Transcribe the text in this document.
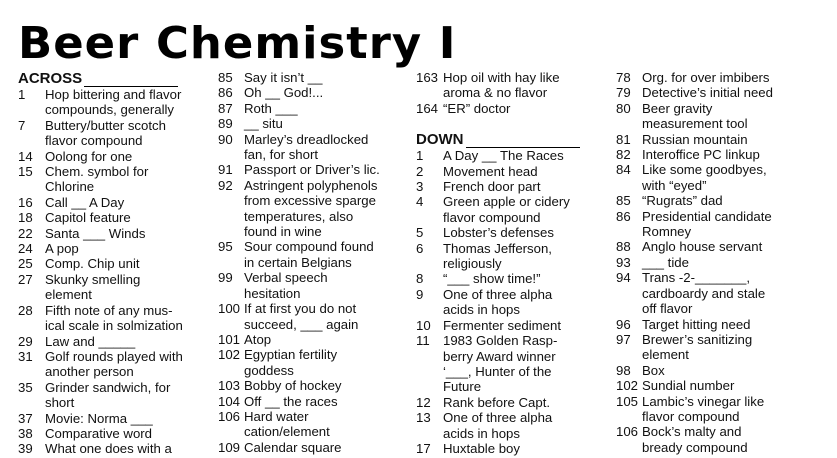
Beer Chemistry I
ACROSS
1	Hop bittering and flavor
compounds, generally
7	Buttery/butter scotch
flavor compound
14 Oolong for one
15 Chem. symbol for
Chlorine
16 Call __ A Day
18 Capitol feature
22 Santa ___ Winds
24 A pop
25 Comp. Chip unit
27 Skunky smelling
element
28 Fifth note of any mus-
ical scale in solmization
29 Law and _____
31 Golf rounds played with
another person
35 Grinder sandwich, for
short
37 Movie: Norma ___
38 Comparative word
39 What one does with a
85 Say it isn’t __
86 Oh __ God!...
87 Roth ___
89 __ situ
90 Marley’s dreadlocked
fan, for short
91 Passport or Driver’s lic.
92 Astringent polyphenols
from excessive sparge
temperatures, also
found in wine
95 Sour compound found
in certain Belgians
99 Verbal speech
hesitation
100 If at first you do not
succeed, ___ again
101 Atop
102 Egyptian fertility
goddess
103 Bobby of hockey
104 Off __ the races
106 Hard water
cation/element
109 Calendar square
163 Hop oil with hay like
aroma & no flavor
164 “ER” doctor
DOWN
1	A Day __ The Races
2	Movement head
3	French door part
4	Green apple or cidery
flavor compound
5	Lobster’s defenses
6	Thomas Jefferson,
religiously
8	“___ show time!”
9	One of three alpha
acids in hops
10 Fermenter sediment
11	1983 Golden Rasp-
berry Award winner
‘___, Hunter of the
Future
12 Rank before Capt.
13 One of three alpha
acids in hops
17 Huxtable boy
78 Org. for over imbibers
79 Detective’s initial need
80 Beer gravity
measurement tool
81 Russian mountain
82 Interoffice PC linkup
84 Like some goodbyes,
with “eyed”
85 “Rugrats” dad
86 Presidential candidate
Romney
88 Anglo house servant
93 ___ tide
94 Trans -2-_______,
cardboardy and stale
off flavor
96 Target hitting need
97 Brewer’s sanitizing
element
98 Box
102 Sundial number
105 Lambic’s vinegar like
flavor compound
106 Bock’s malty and
bready compound
